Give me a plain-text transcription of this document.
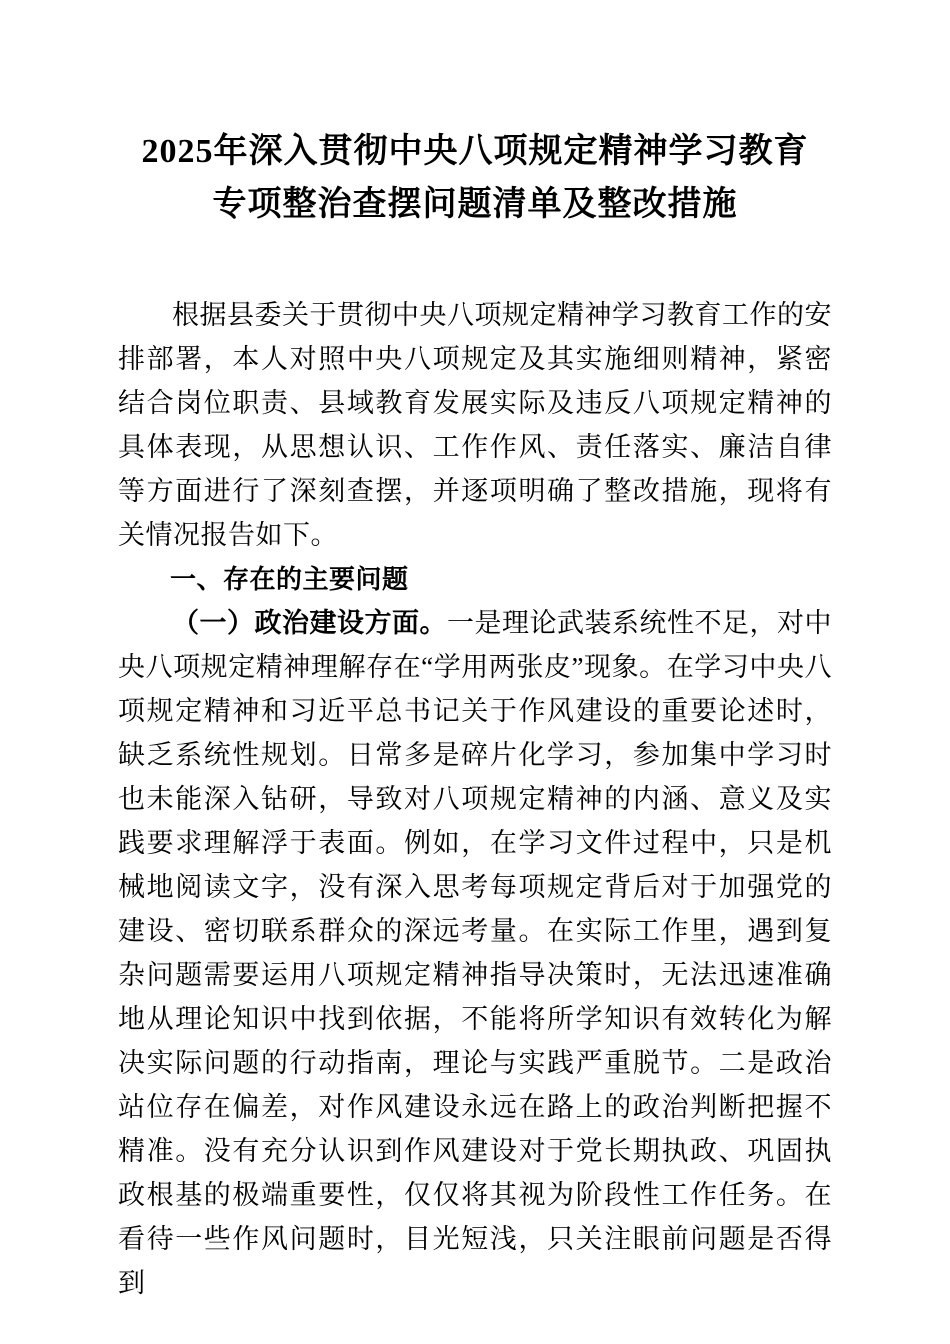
2025年深入贯彻中央八项规定精神学习教育
专项整治查摆问题清单及整改措施

根据县委关于贯彻中央八项规定精神学习教育工作的安排部署，本人对照中央八项规定及其实施细则精神，紧密结合岗位职责、县域教育发展实际及违反八项规定精神的具体表现，从思想认识、工作作风、责任落实、廉洁自律等方面进行了深刻查摆，并逐项明确了整改措施，现将有关情况报告如下。

一、存在的主要问题

（一）政治建设方面。一是理论武装系统性不足，对中央八项规定精神理解存在“学用两张皮”现象。在学习中央八项规定精神和习近平总书记关于作风建设的重要论述时，缺乏系统性规划。日常多是碎片化学习，参加集中学习时也未能深入钻研，导致对八项规定精神的内涵、意义及实践要求理解浮于表面。例如，在学习文件过程中，只是机械地阅读文字，没有深入思考每项规定背后对于加强党的建设、密切联系群众的深远考量。在实际工作里，遇到复杂问题需要运用八项规定精神指导决策时，无法迅速准确地从理论知识中找到依据，不能将所学知识有效转化为解决实际问题的行动指南，理论与实践严重脱节。二是政治站位存在偏差，对作风建设永远在路上的政治判断把握不精准。没有充分认识到作风建设对于党长期执政、巩固执政根基的极端重要性，仅仅将其视为阶段性工作任务。在看待一些作风问题时，目光短浅，只关注眼前问题是否得到
